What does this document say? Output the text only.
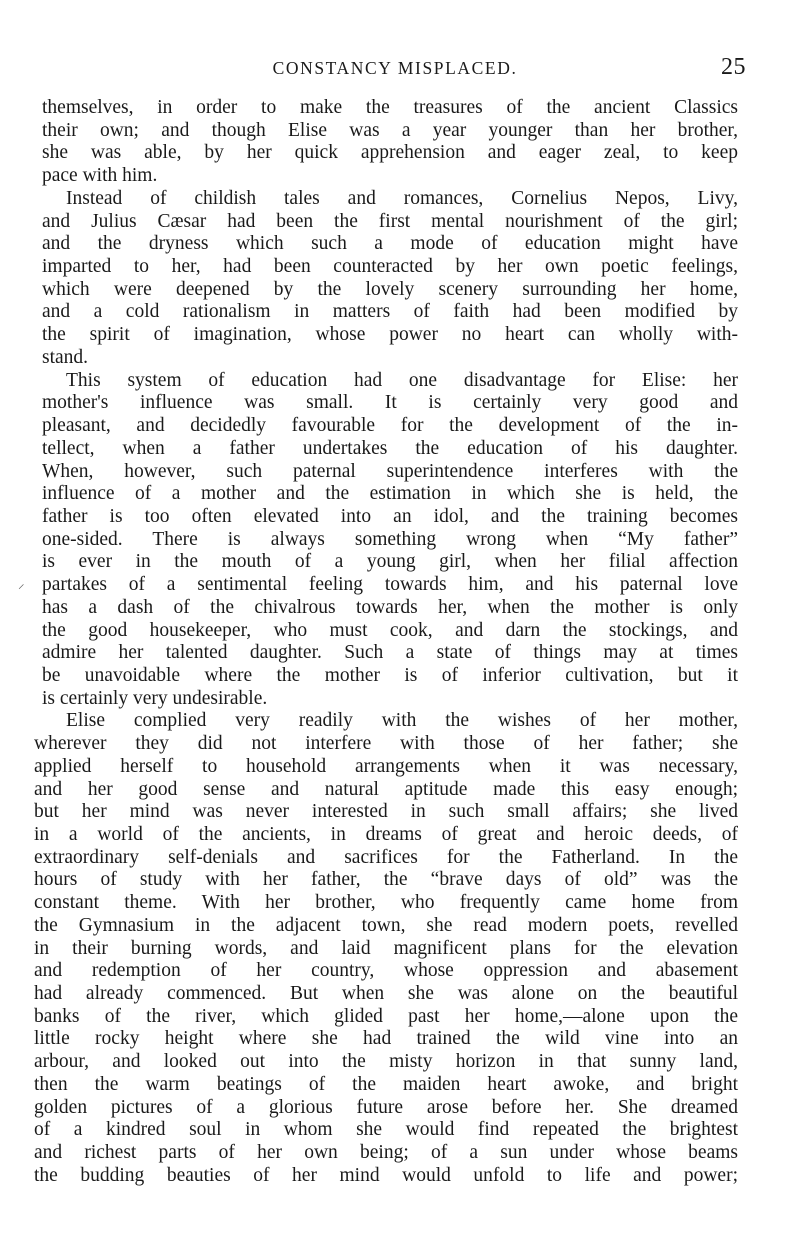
CONSTANCY MISPLACED.	25
⸝
themselves, in order to make the treasures of the ancient Classics
their own; and though Elise was a year younger than her brother,
she was able, by her quick apprehension and eager zeal, to keep
pace with him.
Instead of childish tales and romances, Cornelius Nepos, Livy,
and Julius Cæsar had been the first mental nourishment of the girl;
and the dryness which such a mode of education might have
imparted to her, had been counteracted by her own poetic feelings,
which were deepened by the lovely scenery surrounding her home,
and a cold rationalism in matters of faith had been modified by
the spirit of imagination, whose power no heart can wholly with-
stand.
This system of education had one disadvantage for Elise: her
mother's influence was small. It is certainly very good and
pleasant, and decidedly favourable for the development of the in-
tellect, when a father undertakes the education of his daughter.
When, however, such paternal superintendence interferes with the
influence of a mother and the estimation in which she is held, the
father is too often elevated into an idol, and the training becomes
one-sided. There is always something wrong when “My father”
is ever in the mouth of a young girl, when her filial affection
partakes of a sentimental feeling towards him, and his paternal love
has a dash of the chivalrous towards her, when the mother is only
the good housekeeper, who must cook, and darn the stockings, and
admire her talented daughter. Such a state of things may at times
be unavoidable where the mother is of inferior cultivation, but it
is certainly very undesirable.
Elise complied very readily with the wishes of her mother,
wherever they did not interfere with those of her father; she
applied herself to household arrangements when it was necessary,
and her good sense and natural aptitude made this easy enough;
but her mind was never interested in such small affairs; she lived
in a world of the ancients, in dreams of great and heroic deeds, of
extraordinary self-denials and sacrifices for the Fatherland. In the
hours of study with her father, the “brave days of old” was the
constant theme. With her brother, who frequently came home from
the Gymnasium in the adjacent town, she read modern poets, revelled
in their burning words, and laid magnificent plans for the elevation
and redemption of her country, whose oppression and abasement
had already commenced. But when she was alone on the beautiful
banks of the river, which glided past her home,—alone upon the
little rocky height where she had trained the wild vine into an
arbour, and looked out into the misty horizon in that sunny land,
then the warm beatings of the maiden heart awoke, and bright
golden pictures of a glorious future arose before her. She dreamed
of a kindred soul in whom she would find repeated the brightest
and richest parts of her own being; of a sun under whose beams
the budding beauties of her mind would unfold to life and power;
